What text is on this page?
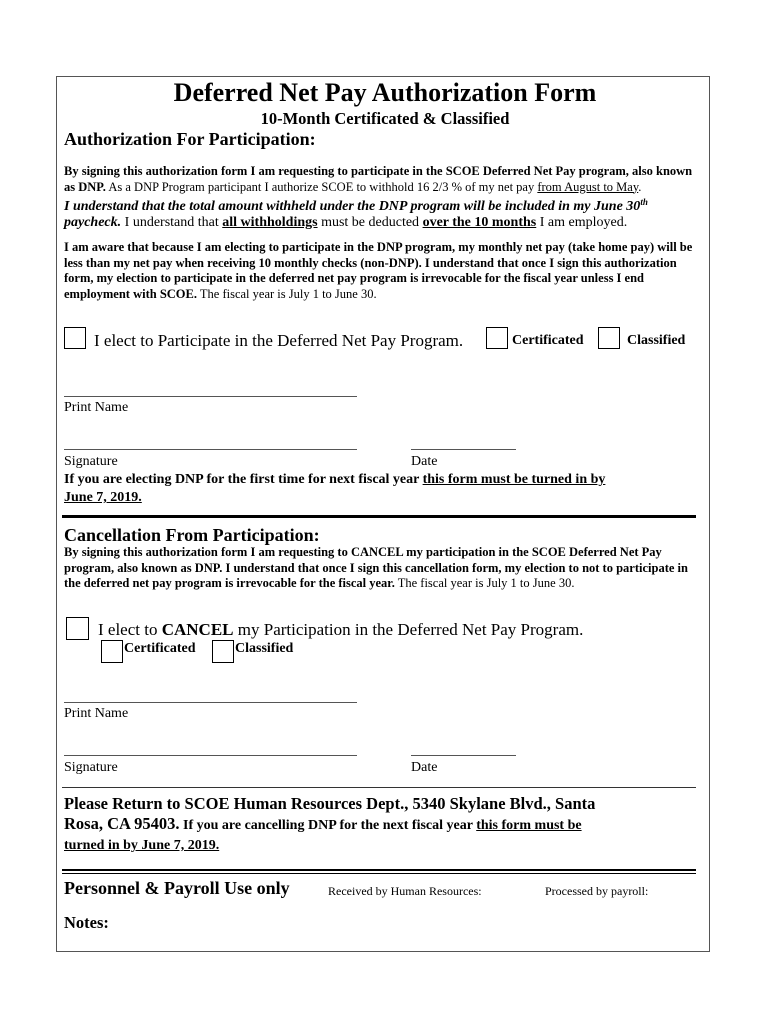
Deferred Net Pay Authorization Form
10-Month Certificated & Classified
Authorization For Participation:
By signing this authorization form I am requesting to participate in the SCOE Deferred Net Pay program, also known as DNP. As a DNP Program participant I authorize SCOE to withhold 16 2/3 % of my net pay from August to May.
I understand that the total amount withheld under the DNP program will be included in my June 30th paycheck. I understand that all withholdings must be deducted over the 10 months I am employed.
I am aware that because I am electing to participate in the DNP program, my monthly net pay (take home pay) will be less than my net pay when receiving 10 monthly checks (non-DNP). I understand that once I sign this authorization form, my election to participate in the deferred net pay program is irrevocable for the fiscal year unless I end employment with SCOE. The fiscal year is July 1 to June 30.
I elect to Participate in the Deferred Net Pay Program.	Certificated	Classified
Print Name
Signature	Date
If you are electing DNP for the first time for next fiscal year this form must be turned in by
June 7, 2019.
Cancellation From Participation:
By signing this authorization form I am requesting to CANCEL my participation in the SCOE Deferred Net Pay program, also known as DNP. I understand that once I sign this cancellation form, my election to not to participate in the deferred net pay program is irrevocable for the fiscal year. The fiscal year is July 1 to June 30.
I elect to CANCEL my Participation in the Deferred Net Pay Program.
Certificated	Classified
Print Name
Signature	Date
Please Return to SCOE Human Resources Dept., 5340 Skylane Blvd., Santa
Rosa, CA 95403. If you are cancelling DNP for the next fiscal year this form must be
turned in by June 7, 2019.
Personnel & Payroll Use only	Received by Human Resources:	Processed by payroll:
Notes:
